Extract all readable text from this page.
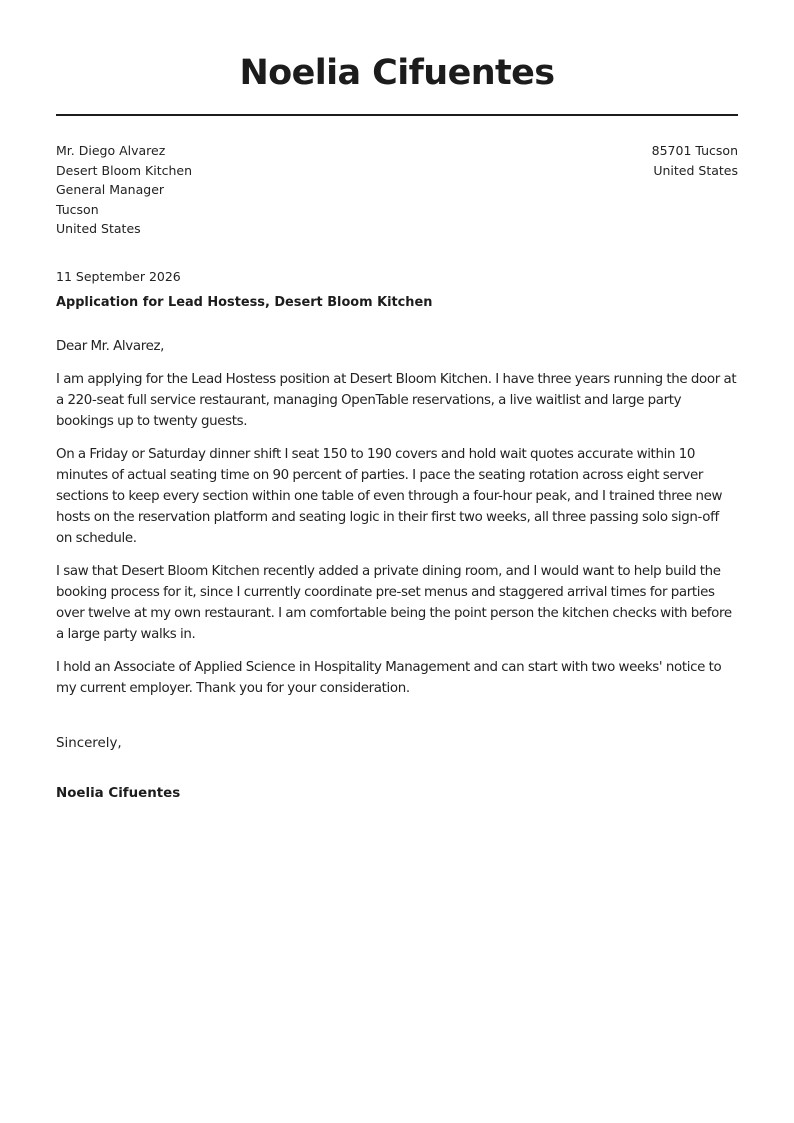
Noelia Cifuentes
Mr. Diego Alvarez
Desert Bloom Kitchen
General Manager
Tucson
United States
85701 Tucson
United States
11 September 2026
Application for Lead Hostess, Desert Bloom Kitchen

Dear Mr. Alvarez,

I am applying for the Lead Hostess position at Desert Bloom Kitchen. I have three years running the door at a 220-seat full service restaurant, managing OpenTable reservations, a live waitlist and large party bookings up to twenty guests.

On a Friday or Saturday dinner shift I seat 150 to 190 covers and hold wait quotes accurate within 10 minutes of actual seating time on 90 percent of parties. I pace the seating rotation across eight server sections to keep every section within one table of even through a four-hour peak, and I trained three new hosts on the reservation platform and seating logic in their first two weeks, all three passing solo sign-off on schedule.

I saw that Desert Bloom Kitchen recently added a private dining room, and I would want to help build the booking process for it, since I currently coordinate pre-set menus and staggered arrival times for parties over twelve at my own restaurant. I am comfortable being the point person the kitchen checks with before a large party walks in.

I hold an Associate of Applied Science in Hospitality Management and can start with two weeks' notice to my current employer. Thank you for your consideration.

Sincerely,
Noelia Cifuentes
